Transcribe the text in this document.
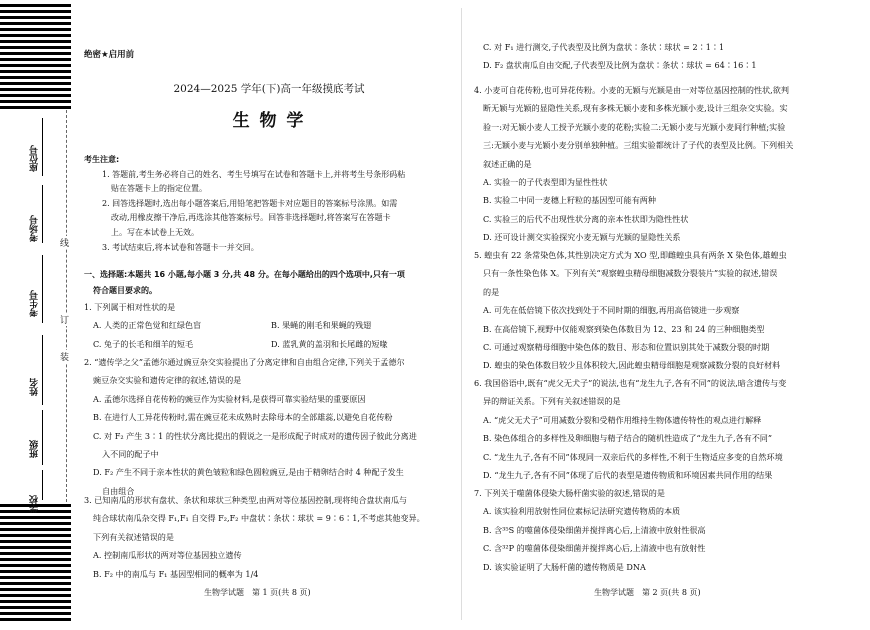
座位号
考场号
考生号
姓名
班级
学校
线
订
装
绝密★启用前
2024—2025 学年(下)高一年级摸底考试
生 物 学

考生注意:

1. 答题前,考生务必将自己的姓名、考生号填写在试卷和答题卡上,并将考生号条形码粘

贴在答题卡上的指定位置。

2. 回答选择题时,选出每小题答案后,用铅笔把答题卡对应题目的答案标号涂黑。如需

改动,用橡皮擦干净后,再选涂其他答案标号。回答非选择题时,将答案写在答题卡

上。写在本试卷上无效。

3. 考试结束后,将本试卷和答题卡一并交回。

一、选择题:本题共 16 小题,每小题 3 分,共 48 分。在每小题给出的四个选项中,只有一项

符合题目要求的。

1. 下列属于相对性状的是

A. 人类的正常色觉和红绿色盲	B. 果蝇的刚毛和果蝇的残翅
C. 兔子的长毛和细羊的短毛	D. 蓝乳黄的盖羽和长尾雌的短喙

2. “遗传学之父”孟德尔通过豌豆杂交实验提出了分离定律和自由组合定律,下列关于孟德尔

豌豆杂交实验和遗传定律的叙述,错误的是

A. 孟德尔选择自花传粉的豌豆作为实验材料,是获得可靠实验结果的重要原因

B. 在进行人工异花传粉时,需在豌豆花未成熟时去除母本的全部雄蕊,以避免自花传粉

C. 对 F₂ 产生 3∶1 的性状分离比提出的假说之一是形成配子时成对的遗传因子彼此分离进

入不同的配子中

D. F₂ 产生不同于亲本性状的黄色皱粒和绿色圆粒豌豆,是由于精卵结合时 4 种配子发生

自由组合

3. 已知南瓜的形状有盘状、条状和球状三种类型,由两对等位基因控制,现将纯合盘状南瓜与

纯合球状南瓜杂交得 F₁,F₁ 自交得 F₂,F₂ 中盘状∶条状∶球状 = 9∶6∶1,不考虑其他变异。

下列有关叙述错误的是

A. 控制南瓜形状的两对等位基因独立遗传

B. F₂ 中的南瓜与 F₁ 基因型相同的概率为 1/4

生物学试题　第 1 页(共 8 页)

C. 对 F₁ 进行测交,子代表型及比例为盘状∶条状∶球状 = 2∶1∶1

D. F₂ 盘状南瓜自由交配,子代表型及比例为盘状∶条状∶球状 = 64∶16∶1

4. 小麦可自花传粉,也可异花传粉。小麦的无颖与光颖是由一对等位基因控制的性状,欲判

断无颖与光颖的显隐性关系,现有多株无颖小麦和多株光颖小麦,设计三组杂交实验。实

验一:对无颖小麦人工授予光颖小麦的花粉;实验二:无颖小麦与光颖小麦间行种植;实验

三:无颖小麦与光颖小麦分别单独种植。三组实验都统计了子代的表型及比例。下列相关

叙述正确的是

A. 实验一的子代表型即为显性性状

B. 实验二中同一麦穗上籽粒的基因型可能有两种

C. 实验三的后代不出现性状分离的亲本性状即为隐性性状

D. 还可设计测交实验探究小麦无颖与光颖的显隐性关系

5. 蝗虫有 22 条常染色体,其性别决定方式为 XO 型,即雌蝗虫具有两条 X 染色体,雄蝗虫

只有一条性染色体 X。下列有关“观察蝗虫精母细胞减数分裂装片”实验的叙述,错误

的是

A. 可先在低倍镜下依次找到处于不同时期的细胞,再用高倍镜进一步观察

B. 在高倍镜下,视野中仅能观察到染色体数目为 12、23 和 24 的三种细胞类型

C. 可通过观察精母细胞中染色体的数目、形态和位置识别其处于减数分裂的时期

D. 蝗虫的染色体数目较少且体积较大,因此蝗虫精母细胞是观察减数分裂的良好材料

6. 我国俗语中,既有“虎父无犬子”的说法,也有“龙生九子,各有不同”的说法,暗含遗传与变

异的辩证关系。下列有关叙述错误的是

A. “虎父无犬子”可用减数分裂和受精作用维持生物体遗传特性的观点进行解释

B. 染色体组合的多样性及卵细胞与精子结合的随机性造成了“龙生九子,各有不同”

C. “龙生九子,各有不同”体现同一双亲后代的多样性,不利于生物适应多变的自然环境

D. “龙生九子,各有不同”体现了后代的表型是遗传物质和环境因素共同作用的结果

7. 下列关于噬菌体侵染大肠杆菌实验的叙述,错误的是

A. 该实验利用放射性同位素标记法研究遗传物质的本质

B. 含³⁵S 的噬菌体侵染细菌并搅拌离心后,上清液中放射性很高

C. 含³²P 的噬菌体侵染细菌并搅拌离心后,上清液中也有放射性

D. 该实验证明了大肠杆菌的遗传物质是 DNA

生物学试题　第 2 页(共 8 页)
